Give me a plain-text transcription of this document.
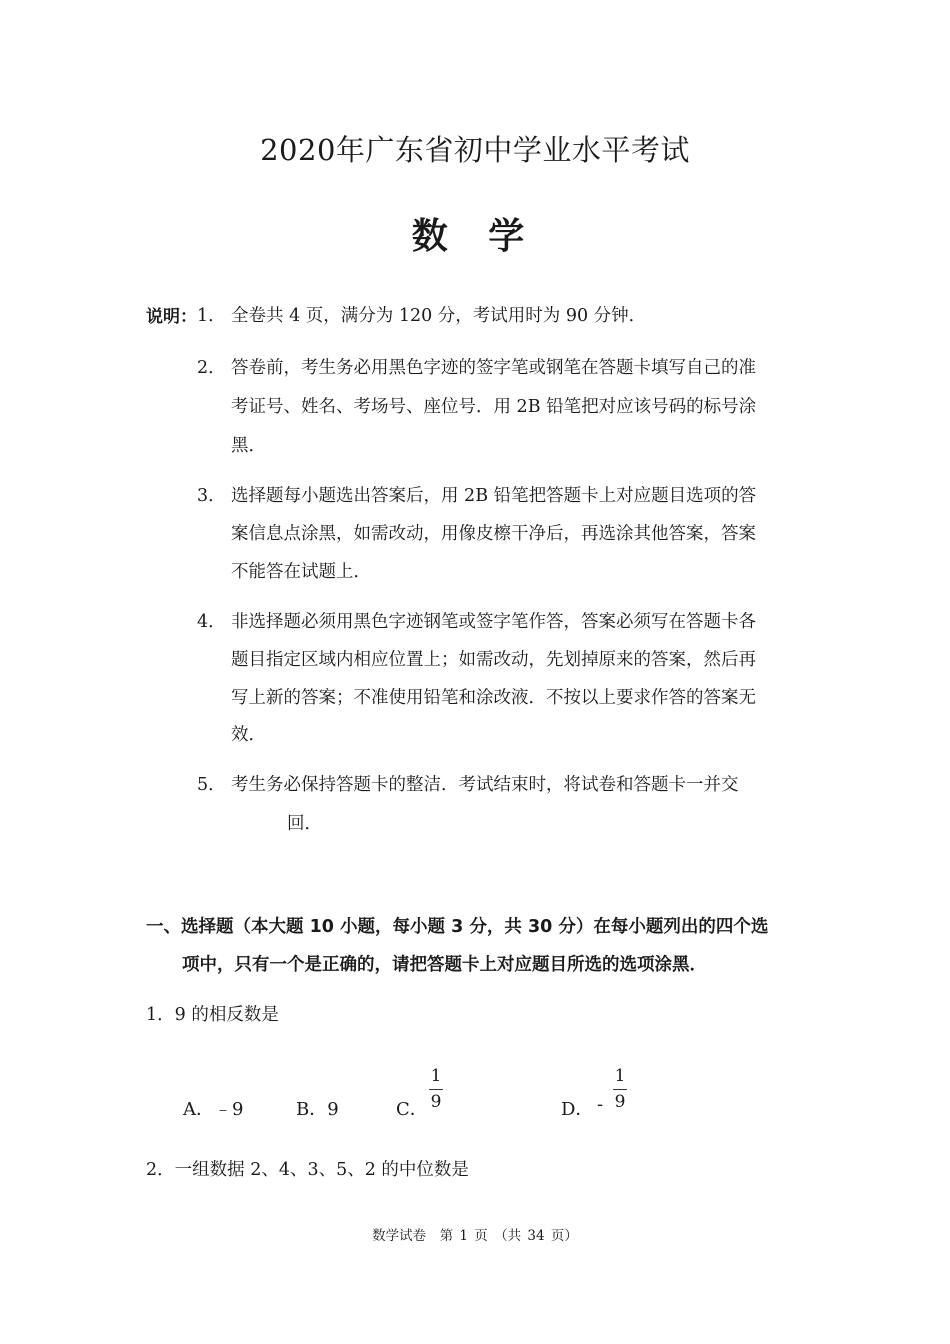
2020年广东省初中学业水平考试
数 学
说明： 1． 全卷共 4 页，满分为 120 分，考试用时为 90 分钟．
2． 答卷前，考生务必用黑色字迹的签字笔或钢笔在答题卡填写自己的准
考证号、姓名、考场号、座位号．用 2B 铅笔把对应该号码的标号涂
黑．
3． 选择题每小题选出答案后，用 2B 铅笔把答题卡上对应题目选项的答
案信息点涂黑，如需改动，用像皮檫干净后，再选涂其他答案，答案
不能答在试题上．
4． 非选择题必须用黑色字迹钢笔或签字笔作答，答案必须写在答题卡各
题目指定区域内相应位置上；如需改动，先划掉原来的答案，然后再
写上新的答案；不准使用铅笔和涂改液．不按以上要求作答的答案无
效．
5． 考生务必保持答题卡的整洁．考试结束时，将试卷和答题卡一并交
回．
一、选择题（本大题 10 小题，每小题 3 分，共 30 分）在每小题列出的四个选
项中，只有一个是正确的，请把答题卡上对应题目所选的选项涂黑．
1．9 的相反数是
A．﹣9	B．9	C．
1
9	D． -
1
9
2．一组数据 2、4、3、5、2 的中位数是
数学试卷　第 1 页 （共 34 页）
